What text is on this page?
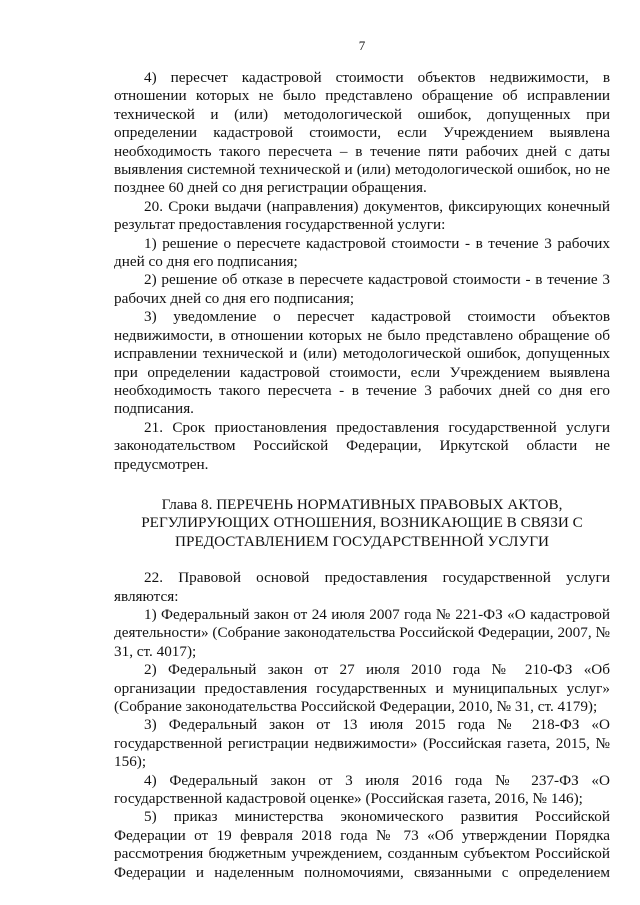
7

4) пересчет кадастровой стоимости объектов недвижимости, в отношении которых не было представлено обращение об исправлении технической и (или) методологической ошибок, допущенных при определении кадастровой стоимости, если Учреждением выявлена необходимость такого пересчета – в течение пяти рабочих дней с даты выявления системной технической и (или) методологической ошибок, но не позднее 60 дней со дня регистрации обращения.

20. Сроки выдачи (направления) документов, фиксирующих конечный результат предоставления государственной услуги:

1) решение о пересчете кадастровой стоимости - в течение 3 рабочих дней со дня его подписания;

2) решение об отказе в пересчете кадастровой стоимости - в течение 3 рабочих дней со дня его подписания;

3) уведомление о пересчет кадастровой стоимости объектов недвижимости, в отношении которых не было представлено обращение об исправлении технической и (или) методологической ошибок, допущенных при определении кадастровой стоимости, если Учреждением выявлена необходимость такого пересчета - в течение 3 рабочих дней со дня его подписания.

21. Срок приостановления предоставления государственной услуги законодательством Российской Федерации, Иркутской области не предусмотрен.

Глава 8. ПЕРЕЧЕНЬ НОРМАТИВНЫХ ПРАВОВЫХ АКТОВ,
РЕГУЛИРУЮЩИХ ОТНОШЕНИЯ, ВОЗНИКАЮЩИЕ В СВЯЗИ С
ПРЕДОСТАВЛЕНИЕМ ГОСУДАРСТВЕННОЙ УСЛУГИ

22. Правовой основой предоставления государственной услуги являются:

1) Федеральный закон от 24 июля 2007 года № 221-ФЗ «О кадастровой деятельности» (Собрание законодательства Российской Федерации, 2007, № 31, ст. 4017);

2) Федеральный закон от 27 июля 2010 года № 210-ФЗ «Об организации предоставления государственных и муниципальных услуг» (Собрание законодательства Российской Федерации, 2010, № 31, ст. 4179);

3) Федеральный закон от 13 июля 2015 года № 218-ФЗ «О государственной регистрации недвижимости» (Российская газета, 2015, № 156);

4) Федеральный закон от 3 июля 2016 года № 237-ФЗ «О государственной кадастровой оценке» (Российская газета, 2016, № 146);

5) приказ министерства экономического развития Российской Федерации от 19 февраля 2018 года № 73 «Об утверждении Порядка рассмотрения бюджетным учреждением, созданным субъектом Российской Федерации и наделенным полномочиями, связанными с определением
